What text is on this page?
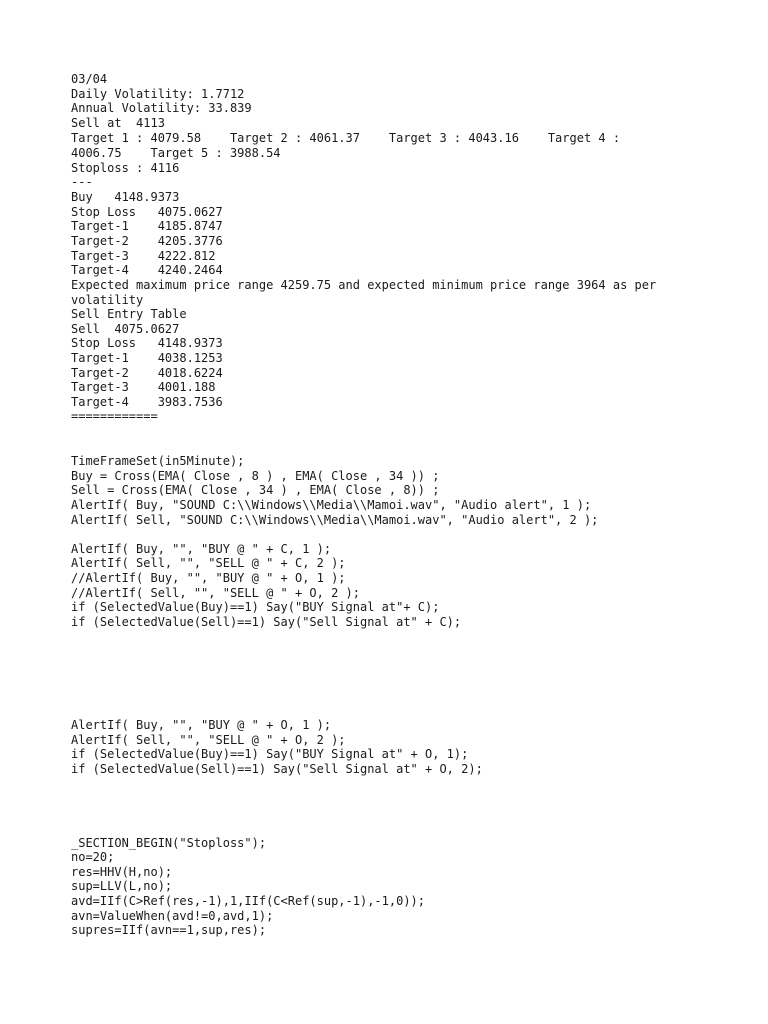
03/04

Daily Volatility: 1.7712

Annual Volatility: 33.839

Sell at  4113

Target 1 : 4079.58    Target 2 : 4061.37    Target 3 : 4043.16    Target 4 :

4006.75    Target 5 : 3988.54

Stoploss : 4116

---

Buy   4148.9373

Stop Loss   4075.0627

Target-1    4185.8747

Target-2    4205.3776

Target-3    4222.812

Target-4    4240.2464

Expected maximum price range 4259.75 and expected minimum price range 3964 as per

volatility

Sell Entry Table

Sell  4075.0627

Stop Loss   4148.9373

Target-1    4038.1253

Target-2    4018.6224

Target-3    4001.188

Target-4    3983.7536

============

TimeFrameSet(in5Minute);

Buy = Cross(EMA( Close , 8 ) , EMA( Close , 34 )) ;

Sell = Cross(EMA( Close , 34 ) , EMA( Close , 8)) ;

AlertIf( Buy, "SOUND C:\\Windows\\Media\\Mamoi.wav", "Audio alert", 1 );

AlertIf( Sell, "SOUND C:\\Windows\\Media\\Mamoi.wav", "Audio alert", 2 );

AlertIf( Buy, "", "BUY @ " + C, 1 );

AlertIf( Sell, "", "SELL @ " + C, 2 );

//AlertIf( Buy, "", "BUY @ " + O, 1 );

//AlertIf( Sell, "", "SELL @ " + O, 2 );

if (SelectedValue(Buy)==1) Say("BUY Signal at"+ C);

if (SelectedValue(Sell)==1) Say("Sell Signal at" + C);

AlertIf( Buy, "", "BUY @ " + O, 1 );

AlertIf( Sell, "", "SELL @ " + O, 2 );

if (SelectedValue(Buy)==1) Say("BUY Signal at" + O, 1);

if (SelectedValue(Sell)==1) Say("Sell Signal at" + O, 2);

_SECTION_BEGIN("Stoploss");

no=20;

res=HHV(H,no);

sup=LLV(L,no);

avd=IIf(C>Ref(res,-1),1,IIf(C<Ref(sup,-1),-1,0));

avn=ValueWhen(avd!=0,avd,1);

supres=IIf(avn==1,sup,res);
